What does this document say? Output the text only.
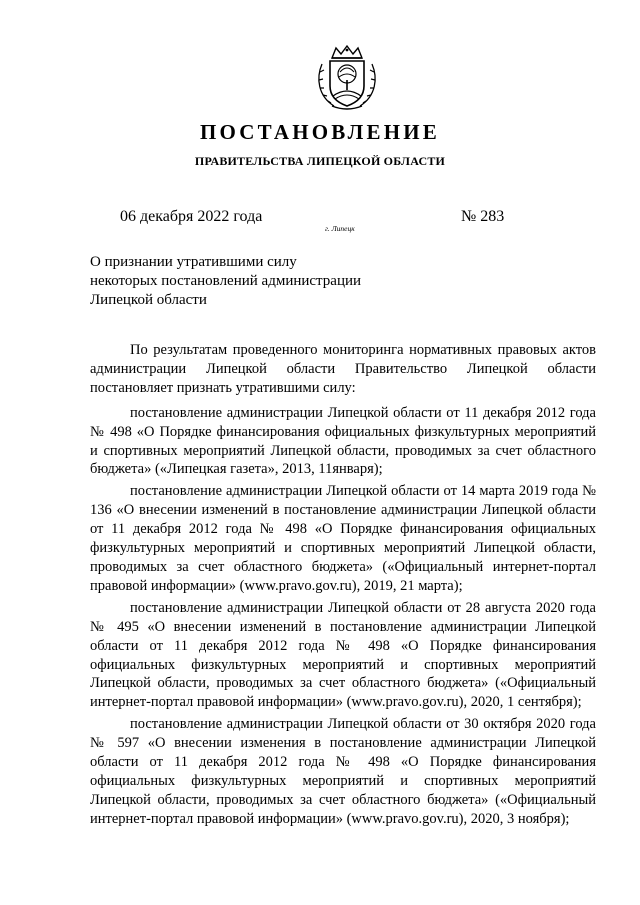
ПОСТАНОВЛЕНИЕ
ПРАВИТЕЛЬСТВА ЛИПЕЦКОЙ ОБЛАСТИ
06 декабря 2022 года
г. Липецк
№ 283
О признании утратившими силу
некоторых постановлений администрации
Липецкой области

По результатам проведенного мониторинга нормативных правовых актов администрации Липецкой области Правительство Липецкой области постановляет признать утратившими силу:

постановление администрации Липецкой области от 11 декабря 2012 года № 498 «О Порядке финансирования официальных физкультурных мероприятий и спортивных мероприятий Липецкой области, проводимых за счет областного бюджета» («Липецкая газета», 2013, 11января);

постановление администрации Липецкой области от 14 марта 2019 года № 136 «О внесении изменений в постановление администрации Липецкой области от 11 декабря 2012 года № 498 «О Порядке финансирования официальных физкультурных мероприятий и спортивных мероприятий Липецкой области, проводимых за счет областного бюджета» («Официальный интернет-портал правовой информации» (www.pravo.gov.ru), 2019, 21 марта);

постановление администрации Липецкой области от 28 августа 2020 года № 495 «О внесении изменений в постановление администрации Липецкой области от 11 декабря 2012 года № 498 «О Порядке финансирования официальных физкультурных мероприятий и спортивных мероприятий Липецкой области, проводимых за счет областного бюджета» («Официальный интернет-портал правовой информации» (www.pravo.gov.ru), 2020, 1 сентября);

постановление администрации Липецкой области от 30 октября 2020 года № 597 «О внесении изменения в постановление администрации Липецкой области от 11 декабря 2012 года № 498 «О Порядке финансирования официальных физкультурных мероприятий и спортивных мероприятий Липецкой области, проводимых за счет областного бюджета» («Официальный интернет-портал правовой информации» (www.pravo.gov.ru), 2020, 3 ноября);
